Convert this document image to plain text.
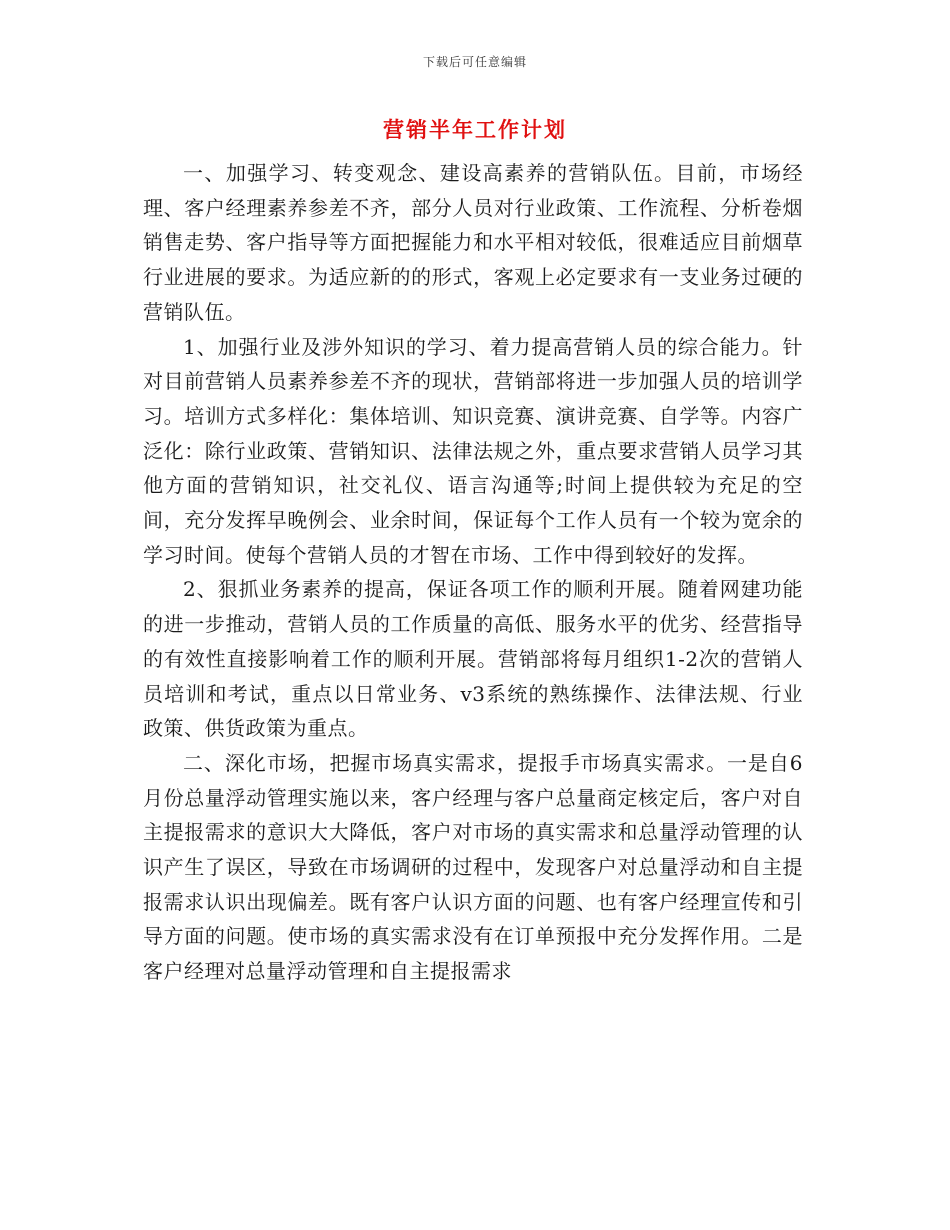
下载后可任意编辑
营销半年工作计划

一、加强学习、转变观念、建设高素养的营销队伍。目前，市场经理、客户经理素养参差不齐，部分人员对行业政策、工作流程、分析卷烟销售走势、客户指导等方面把握能力和水平相对较低，很难适应目前烟草行业进展的要求。为适应新的的形式，客观上必定要求有一支业务过硬的营销队伍。

1、加强行业及涉外知识的学习、着力提高营销人员的综合能力。针对目前营销人员素养参差不齐的现状，营销部将进一步加强人员的培训学习。培训方式多样化：集体培训、知识竞赛、演讲竞赛、自学等。内容广泛化：除行业政策、营销知识、法律法规之外，重点要求营销人员学习其他方面的营销知识，社交礼仪、语言沟通等;时间上提供较为充足的空间，充分发挥早晚例会、业余时间，保证每个工作人员有一个较为宽余的学习时间。使每个营销人员的才智在市场、工作中得到较好的发挥。

2、狠抓业务素养的提高，保证各项工作的顺利开展。随着网建功能的进一步推动，营销人员的工作质量的高低、服务水平的优劣、经营指导的有效性直接影响着工作的顺利开展。营销部将每月组织1-2次的营销人员培训和考试，重点以日常业务、v3系统的熟练操作、法律法规、行业政策、供货政策为重点。

二、深化市场，把握市场真实需求，提报手市场真实需求。一是自6月份总量浮动管理实施以来，客户经理与客户总量商定核定后，客户对自主提报需求的意识大大降低，客户对市场的真实需求和总量浮动管理的认识产生了误区，导致在市场调研的过程中，发现客户对总量浮动和自主提报需求认识出现偏差。既有客户认识方面的问题、也有客户经理宣传和引导方面的问题。使市场的真实需求没有在订单预报中充分发挥作用。二是客户经理对总量浮动管理和自主提报需求
